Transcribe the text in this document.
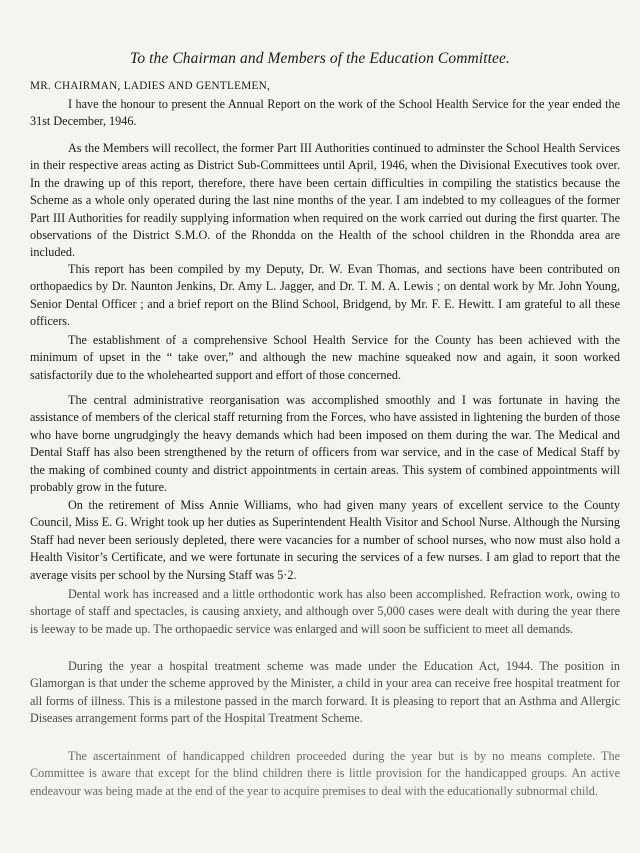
To the Chairman and Members of the Education Committee.
MR. CHAIRMAN, LADIES AND GENTLEMEN,

I have the honour to present the Annual Report on the work of the School Health Service for the year ended the 31st December, 1946.

As the Members will recollect, the former Part III Authorities continued to adminster the School Health Services in their respective areas acting as District Sub-Committees until April, 1946, when the Divisional Executives took over. In the drawing up of this report, therefore, there have been certain difficulties in compiling the statistics because the Scheme as a whole only operated during the last nine months of the year. I am indebted to my colleagues of the former Part III Authorities for readily supplying information when required on the work carried out during the first quarter. The observations of the District S.M.O. of the Rhondda on the Health of the school children in the Rhondda area are included.

This report has been compiled by my Deputy, Dr. W. Evan Thomas, and sections have been contributed on orthopaedics by Dr. Naunton Jenkins, Dr. Amy L. Jagger, and Dr. T. M. A. Lewis ; on dental work by Mr. John Young, Senior Dental Officer ; and a brief report on the Blind School, Bridgend, by Mr. F. E. Hewitt. I am grateful to all these officers.

The establishment of a comprehensive School Health Service for the County has been achieved with the minimum of upset in the “ take over,” and although the new machine squeaked now and again, it soon worked satisfactorily due to the wholehearted support and effort of those concerned.

The central administrative reorganisation was accomplished smoothly and I was fortunate in having the assistance of members of the clerical staff returning from the Forces, who have assisted in lightening the burden of those who have borne ungrudgingly the heavy demands which had been imposed on them during the war. The Medical and Dental Staff has also been strengthened by the return of officers from war service, and in the case of Medical Staff by the making of combined county and district appointments in certain areas. This system of combined appointments will probably grow in the future.

On the retirement of Miss Annie Williams, who had given many years of excellent service to the County Council, Miss E. G. Wright took up her duties as Superintendent Health Visitor and School Nurse. Although the Nursing Staff had never been seriously depleted, there were vacancies for a number of school nurses, who now must also hold a Health Visitor’s Certificate, and we were fortunate in securing the services of a few nurses. I am glad to report that the average visits per school by the Nursing Staff was 5·2.

Dental work has increased and a little orthodontic work has also been accomplished. Refraction work, owing to shortage of staff and spectacles, is causing anxiety, and although over 5,000 cases were dealt with during the year there is leeway to be made up. The orthopaedic service was enlarged and will soon be sufficient to meet all demands.

During the year a hospital treatment scheme was made under the Education Act, 1944. The position in Glamorgan is that under the scheme approved by the Minister, a child in your area can receive free hospital treatment for all forms of illness. This is a milestone passed in the march forward. It is pleasing to report that an Asthma and Allergic Diseases arrangement forms part of the Hospital Treatment Scheme.

The ascertainment of handicapped children proceeded during the year but is by no means complete. The Committee is aware that except for the blind children there is little provision for the handicapped groups. An active endeavour was being made at the end of the year to acquire premises to deal with the educationally subnormal child.
